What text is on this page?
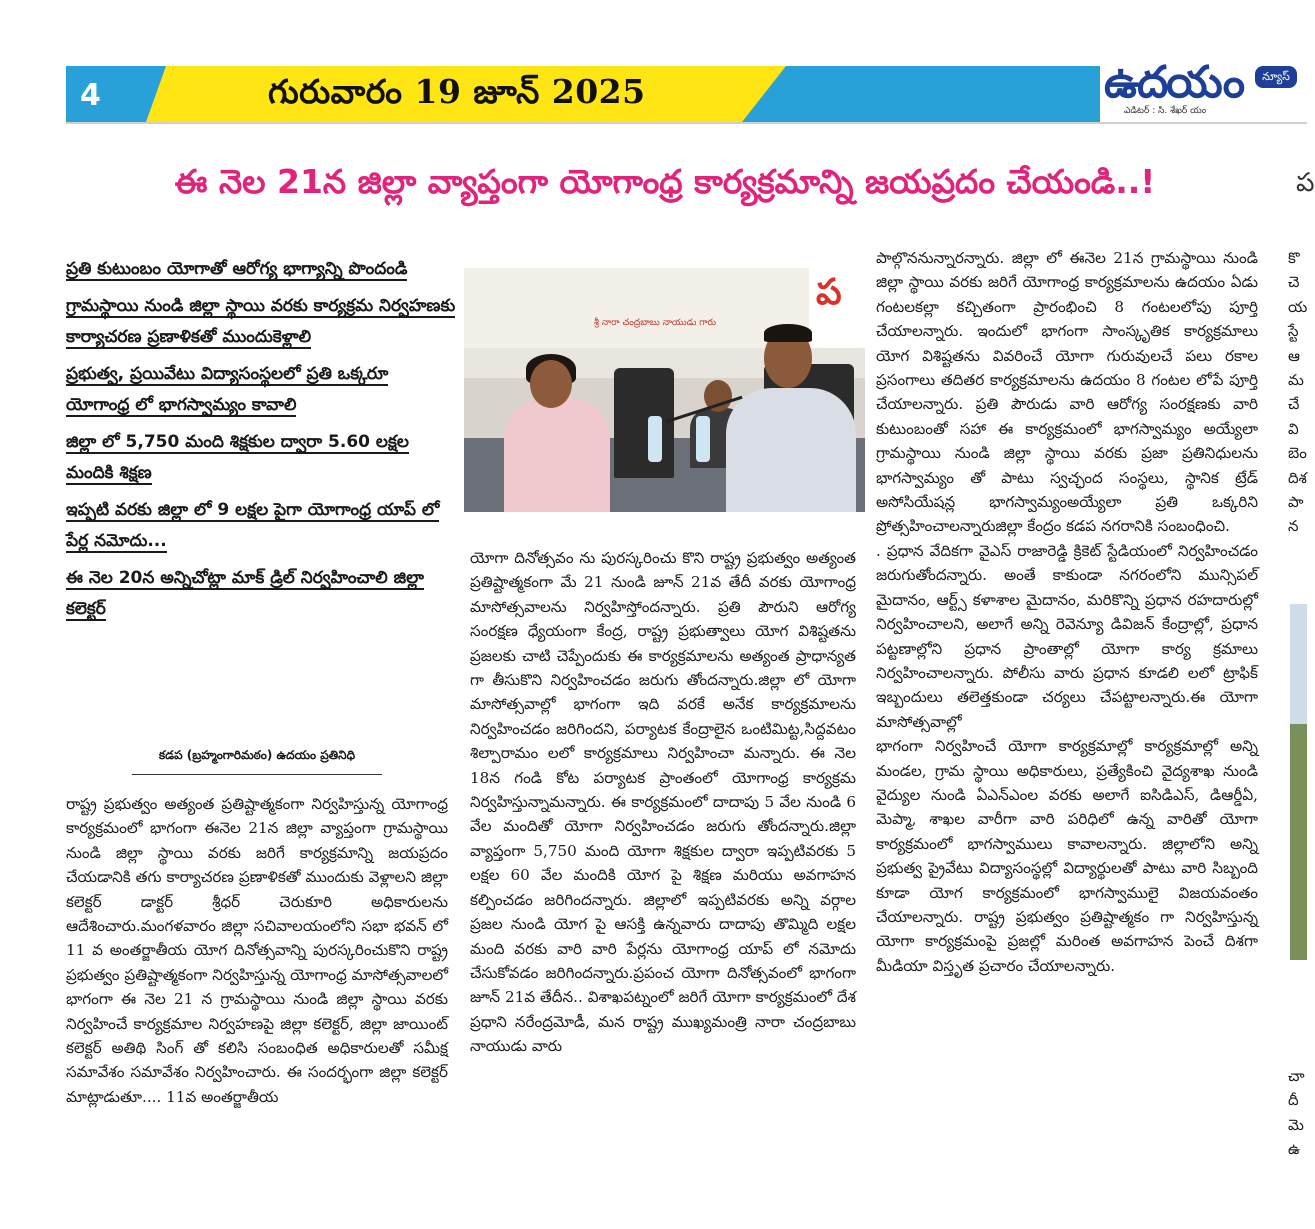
4	గురువారం 19 జూన్ 2025	ఉదయం	న్యూస్
ఎడిటర్ : సి. శేఖర్ యం
ఈ నెల 21న జిల్లా వ్యాప్తంగా యోగాంధ్ర కార్యక్రమాన్ని జయప్రదం చేయండి..!	ప
ప్రతి కుటుంబం యోగాతో ఆరోగ్య భాగ్యాన్ని పొందండి
గ్రామస్థాయి నుండి జిల్లా స్థాయి వరకు కార్యక్రమ నిర్వహణకు కార్యాచరణ ప్రణాళికతో ముందుకెళ్లాలి
ప్రభుత్వ, ప్రయివేటు విద్యాసంస్థలలో ప్రతి ఒక్కరూ యోగాంధ్ర లో భాగస్వామ్యం కావాలి
జిల్లా లో 5,750 మంది శిక్షకుల ద్వారా 5.60 లక్షల మందికి శిక్షణ
ఇప్పటి వరకు జిల్లా లో 9 లక్షల పైగా యోగాంధ్ర యాప్ లో పేర్ల నమోదు...
ఈ నెల 20న అన్నిచోట్లా మాక్ డ్రిల్ నిర్వహించాలి జిల్లా కలెక్టర్
కడప (బ్రహ్మంగారిమఠం) ఉదయం ప్రతినిధి
శ్రీ నారా చంద్రబాబు నాయుడు గారు
ప

రాష్ట్ర ప్రభుత్వం అత్యంత ప్రతిష్టాత్మకంగా నిర్వహిస్తున్న యోగాంధ్ర కార్యక్రమంలో భాగంగా ఈనెల 21న జిల్లా వ్యాప్తంగా గ్రామస్థాయి నుండి జిల్లా స్థాయి వరకు జరిగే కార్యక్రమాన్ని జయప్రదం చేయడానికి తగు కార్యాచరణ ప్రణాళికతో ముందుకు వెళ్లాలని జిల్లా కలెక్టర్ డాక్టర్ శ్రీధర్ చెరుకూరి అధికారులను ఆదేశించారు.మంగళవారం జిల్లా సచివాలయంలోని సభా భవన్ లో 11 వ అంతర్జాతీయ యోగ దినోత్సవాన్ని పురస్కరించుకొని రాష్ట్ర ప్రభుత్వం ప్రతిష్టాత్మకంగా నిర్వహిస్తున్న యోగాంధ్ర మాసోత్సవాలలో భాగంగా ఈ నెల 21 న గ్రామస్థాయి నుండి జిల్లా స్థాయి వరకు నిర్వహించే కార్యక్రమాల నిర్వహణపై జిల్లా కలెక్టర్, జిల్లా జాయింట్ కలెక్టర్ అతిథి సింగ్ తో కలిసి సంబంధిత అధికారులతో సమీక్ష సమావేశం సమావేశం నిర్వహించారు. ఈ సందర్భంగా జిల్లా కలెక్టర్ మాట్లాడుతూ.... 11వ అంతర్జాతీయ

యోగా దినోత్సవం ను పురస్కరించు కొని రాష్ట్ర ప్రభుత్వం అత్యంత ప్రతిష్టాత్మకంగా మే 21 నుండి జూన్ 21వ తేదీ వరకు యోగాంధ్ర మాసోత్సవాలను నిర్వహిస్తోందన్నారు. ప్రతి పౌరుని ఆరోగ్య సంరక్షణ ధ్యేయంగా కేంద్ర, రాష్ట్ర ప్రభుత్వాలు యోగ విశిష్టతను ప్రజలకు చాటి చెప్పేందుకు ఈ కార్యక్రమాలను అత్యంత ప్రాధాన్యత గా తీసుకొని నిర్వహించడం జరుగు తోందన్నారు.జిల్లా లో యోగా మాసోత్సవాల్లో భాగంగా ఇది వరకే అనేక కార్యక్రమాలను నిర్వహించడం జరిగిందని, పర్యాటక కేంద్రాలైన ఒంటిమిట్ట,సిద్దవటం శిల్పారామం లలో కార్యక్రమాలు నిర్వహించా మన్నారు. ఈ నెల 18న గండి కోట పర్యాటక ప్రాంతంలో యోగాంధ్ర కార్యక్రమ నిర్వహిస్తున్నామన్నారు. ఈ కార్యక్రమంలో దాదాపు 5 వేల నుండి 6 వేల మందితో యోగా నిర్వహించడం జరుగు తోందన్నారు.జిల్లా వ్యాప్తంగా 5,750 మంది యోగా శిక్షకుల ద్వారా ఇప్పటివరకు 5 లక్షల 60 వేల మందికి యోగ పై శిక్షణ మరియు అవగాహన కల్పించడం జరిగిందన్నారు. జిల్లాలో ఇప్పటివరకు అన్ని వర్గాల ప్రజల నుండి యోగ పై ఆసక్తి ఉన్నవారు దాదాపు తొమ్మిది లక్షల మంది వరకు వారి వారి పేర్లను యోగాంధ్ర యాప్ లో నమోదు చేసుకోవడం జరిగిందన్నారు.ప్రపంచ యోగా దినోత్సవంలో భాగంగా జూన్ 21వ తేదీన.. విశాఖపట్నంలో జరిగే యోగా కార్యక్రమంలో దేశ ప్రధాని నరేంద్రమోడీ, మన రాష్ట్ర ముఖ్యమంత్రి నారా చంద్రబాబు నాయుడు వారు

పాల్గొననున్నారన్నారు. జిల్లా లో ఈనెల 21న గ్రామస్థాయి నుండి జిల్లా స్థాయి వరకు జరిగే యోగాంధ్ర కార్యక్రమాలను ఉదయం ఏడు గంటలకల్లా కచ్చితంగా ప్రారంభించి 8 గంటలలోపు పూర్తి చేయాలన్నారు. ఇందులో భాగంగా సాంస్కృతిక కార్యక్రమాలు యోగ విశిష్టతను వివరించే యోగా గురువులచే పలు రకాల ప్రసంగాలు తదితర కార్యక్రమాలను ఉదయం 8 గంటల లోపే పూర్తి చేయాలన్నారు. ప్రతి పౌరుడు వారి ఆరోగ్య సంరక్షణకు వారి కుటుంబంతో సహా ఈ కార్యక్రమంలో భాగస్వామ్యం అయ్యేలా గ్రామస్థాయి నుండి జిల్లా స్థాయి వరకు ప్రజా ప్రతినిధులను భాగస్వామ్యం తో పాటు స్వచ్ఛంద సంస్థలు, స్థానిక ట్రేడ్ అసోసియేషన్ల భాగస్వామ్యంఅయ్యేలా ప్రతి ఒక్కరిని ప్రోత్సహించాలన్నారుజిల్లా కేంద్రం కడప నగరానికి సంబంధించి.

. ప్రధాన వేదికగా వైఎస్ రాజారెడ్డి క్రికెట్ స్టేడియంలో నిర్వహించడం జరుగుతోందన్నారు. అంతే కాకుండా నగరంలోని మున్సిపల్ మైదానం, ఆర్ట్స్ కళాశాల మైదానం, మరికొన్ని ప్రధాన రహదారుల్లో నిర్వహించాలని, అలాగే అన్ని రెవెన్యూ డివిజన్ కేంద్రాల్లో, ప్రధాన పట్టణాల్లోని ప్రధాన ప్రాంతాల్లో యోగా కార్య క్రమాలు నిర్వహించాలన్నారు. పోలీసు వారు ప్రధాన కూడలి లలో ట్రాఫిక్ ఇబ్బందులు తలెత్తకుండా చర్యలు చేపట్టాలన్నారు.ఈ యోగా మాసోత్సవాల్లో

భాగంగా నిర్వహించే యోగా కార్యక్రమాల్లో కార్యక్రమాల్లో అన్ని మండల, గ్రామ స్థాయి అధికారులు, ప్రత్యేకించి వైద్యశాఖ నుండి వైద్యుల నుండి ఏఎన్ఎంల వరకు అలాగే ఐసిడిఎస్, డిఆర్డీఏ, మెప్మా, శాఖల వారీగా వారి పరిధిలో ఉన్న వారితో యోగా కార్యక్రమంలో భాగస్వాములు కావాలన్నారు. జిల్లాలోని అన్ని ప్రభుత్వ ప్రైవేటు విద్యాసంస్థల్లో విద్యార్థులతో పాటు వారి సిబ్బంది కూడా యోగ కార్యక్రమంలో భాగస్వాములై విజయవంతం చేయాలన్నారు. రాష్ట్ర ప్రభుత్వం ప్రతిష్టాత్మకం గా నిర్వహిస్తున్న యోగా కార్యక్రమంపై ప్రజల్లో మరింత అవగాహన పెంచే దిశగా మీడియా విస్తృత ప్రచారం చేయాలన్నారు.

కొ
చె
య
స్టే
ఆ
మ
చే
వి
బెం
దిశ
పా
న
చా
దీ
మె
ఉ
